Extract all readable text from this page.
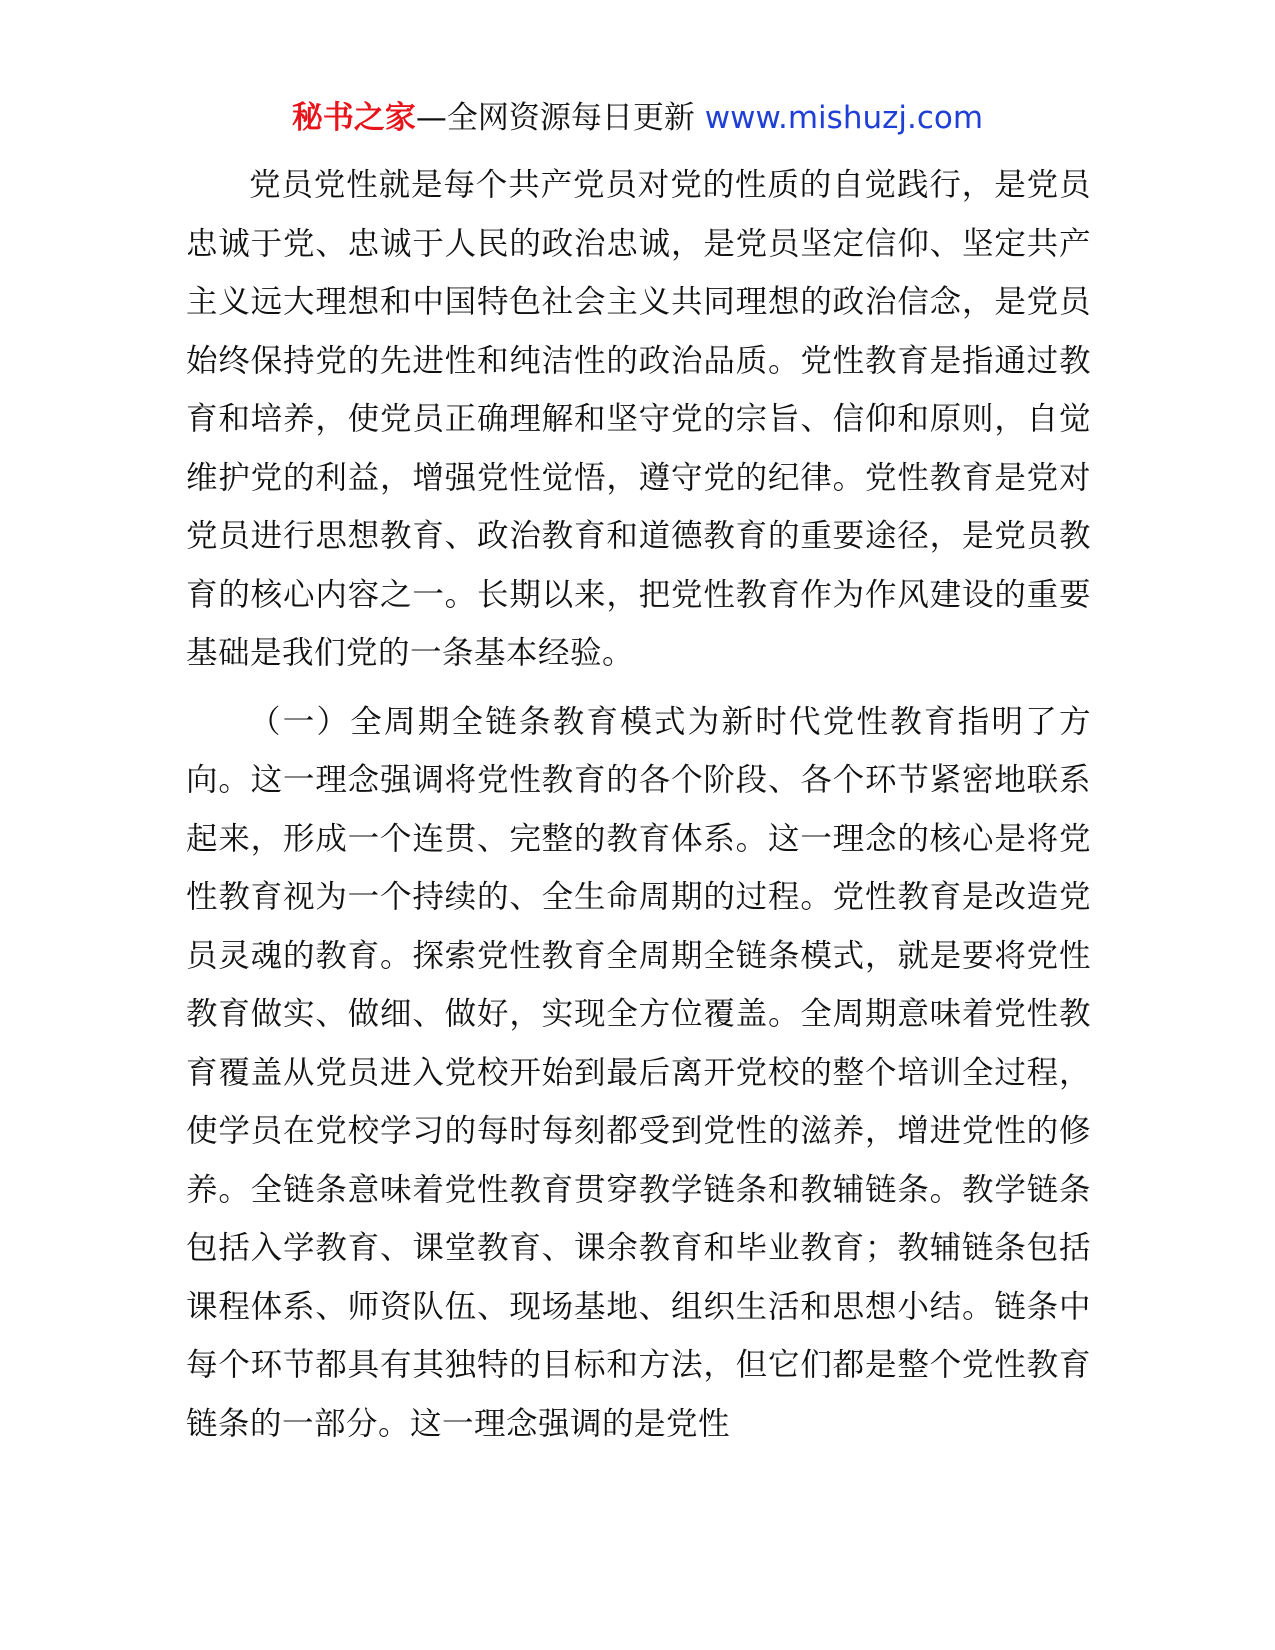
秘书之家—全网资源每日更新 www.mishuzj.com

党员党性就是每个共产党员对党的性质的自觉践行，是党员忠诚于党、忠诚于人民的政治忠诚，是党员坚定信仰、坚定共产主义远大理想和中国特色社会主义共同理想的政治信念，是党员始终保持党的先进性和纯洁性的政治品质。党性教育是指通过教育和培养，使党员正确理解和坚守党的宗旨、信仰和原则，自觉维护党的利益，增强党性觉悟，遵守党的纪律。党性教育是党对党员进行思想教育、政治教育和道德教育的重要途径，是党员教育的核心内容之一。长期以来，把党性教育作为作风建设的重要基础是我们党的一条基本经验。

（一）全周期全链条教育模式为新时代党性教育指明了方向。这一理念强调将党性教育的各个阶段、各个环节紧密地联系起来，形成一个连贯、完整的教育体系。这一理念的核心是将党性教育视为一个持续的、全生命周期的过程。党性教育是改造党员灵魂的教育。探索党性教育全周期全链条模式，就是要将党性教育做实、做细、做好，实现全方位覆盖。全周期意味着党性教育覆盖从党员进入党校开始到最后离开党校的整个培训全过程，使学员在党校学习的每时每刻都受到党性的滋养，增进党性的修养。全链条意味着党性教育贯穿教学链条和教辅链条。教学链条包括入学教育、课堂教育、课余教育和毕业教育；教辅链条包括课程体系、师资队伍、现场基地、组织生活和思想小结。链条中每个环节都具有其独特的目标和方法，但它们都是整个党性教育链条的一部分。这一理念强调的是党性
